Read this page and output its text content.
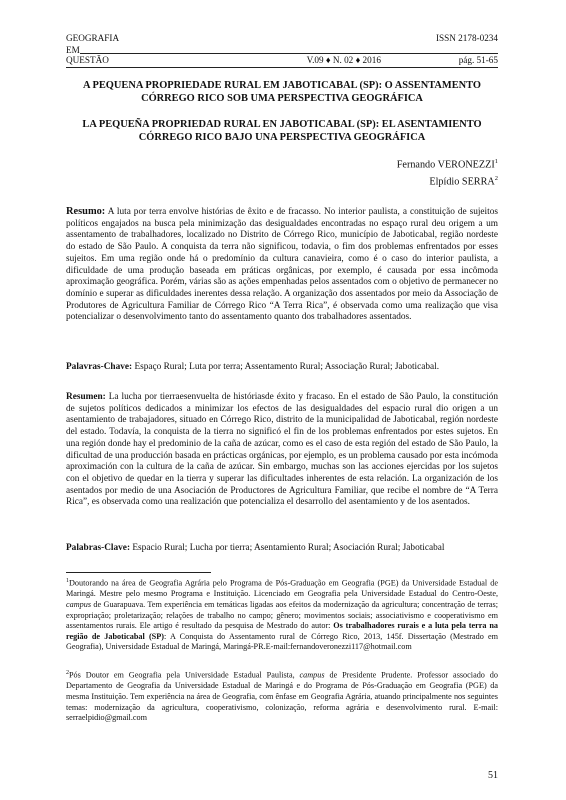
GEOGRAFIA	ISSN 2178-0234
EM
QUESTÃO	V.09 ♦ N. 02 ♦ 2016	pág. 51-65
A PEQUENA PROPRIEDADE RURAL EM JABOTICABAL (SP): O ASSENTAMENTO CÓRREGO RICO SOB UMA PERSPECTIVA GEOGRÁFICA
LA PEQUEÑA PROPRIEDAD RURAL EN JABOTICABAL (SP): EL ASENTAMIENTO CÓRREGO RICO BAJO UNA PERSPECTIVA GEOGRÁFICA
Fernando VERONEZZI$^1$
Elpídio SERRA$^2$
Resumo: A luta por terra envolve histórias de êxito e de fracasso. No interior paulista, a constituição de sujeitos políticos engajados na busca pela minimização das desigualdades encontradas no espaço rural deu origem a um assentamento de trabalhadores, localizado no Distrito de Córrego Rico, município de Jaboticabal, região nordeste do estado de São Paulo. A conquista da terra não significou, todavia, o fim dos problemas enfrentados por esses sujeitos. Em uma região onde há o predomínio da cultura canavieira, como é o caso do interior paulista, a dificuldade de uma produção baseada em práticas orgânicas, por exemplo, é causada por essa incômoda aproximação geográfica. Porém, várias são as ações empenhadas pelos assentados com o objetivo de permanecer no domínio e superar as dificuldades inerentes dessa relação. A organização dos assentados por meio da Associação de Produtores de Agricultura Familiar de Córrego Rico “A Terra Rica”, é observada como uma realização que visa potencializar o desenvolvimento tanto do assentamento quanto dos trabalhadores assentados.
Palavras-Chave: Espaço Rural; Luta por terra; Assentamento Rural; Associação Rural; Jaboticabal.
Resumen: La lucha por tierraesenvuelta de históriasde éxito y fracaso. En el estado de São Paulo, la constitución de sujetos políticos dedicados a minimizar los efectos de las desigualdades del espacio rural dio origen a un asentamiento de trabajadores, situado en Córrego Rico, distrito de la municipalidad de Jaboticabal, región nordeste del estado. Todavía, la conquista de la tierra no significó el fin de los problemas enfrentados por estes sujetos. En una región donde hay el predominio de la caña de azúcar, como es el caso de esta región del estado de São Paulo, la dificultad de una producción basada en prácticas orgánicas, por ejemplo, es un problema causado por esta incómoda aproximación con la cultura de la caña de azúcar. Sin embargo, muchas son las acciones ejercidas por los sujetos con el objetivo de quedar en la tierra y superar las dificultades inherentes de esta relación. La organización de los asentados por medio de una Asociación de Productores de Agricultura Familiar, que recibe el nombre de “A Terra Rica”, es observada como una realización que potencializa el desarrollo del asentamiento y de los asentados.
Palabras-Clave: Espacio Rural; Lucha por tierra; Asentamiento Rural; Asociación Rural; Jaboticabal
$^1$Doutorando na área de Geografia Agrária pelo Programa de Pós-Graduação em Geografia (PGE) da Universidade Estadual de Maringá. Mestre pelo mesmo Programa e Instituição. Licenciado em Geografia pela Universidade Estadual do Centro-Oeste, campus de Guarapuava. Tem experiência em temáticas ligadas aos efeitos da modernização da agricultura; concentração de terras; expropriação; proletarização; relações de trabalho no campo; gênero; movimentos sociais; associativismo e cooperativismo em assentamentos rurais. Ele artigo é resultado da pesquisa de Mestrado do autor: Os trabalhadores rurais e a luta pela terra na região de Jaboticabal (SP): A Conquista do Assentamento rural de Córrego Rico, 2013, 145f. Dissertação (Mestrado em Geografia), Universidade Estadual de Maringá, Maringá-PR.E-mail:fernandoveronezzi117@hotmail.com
$^2$Pós Doutor em Geografia pela Universidade Estadual Paulista, campus de Presidente Prudente. Professor associado do Departamento de Geografia da Universidade Estadual de Maringá e do Programa de Pós-Graduação em Geografia (PGE) da mesma Instituição. Tem experiência na área de Geografia, com ênfase em Geografia Agrária, atuando principalmente nos seguintes temas: modernização da agricultura, cooperativismo, colonização, reforma agrária e desenvolvimento rural. E-mail: serraelpidio@gmail.com
51
